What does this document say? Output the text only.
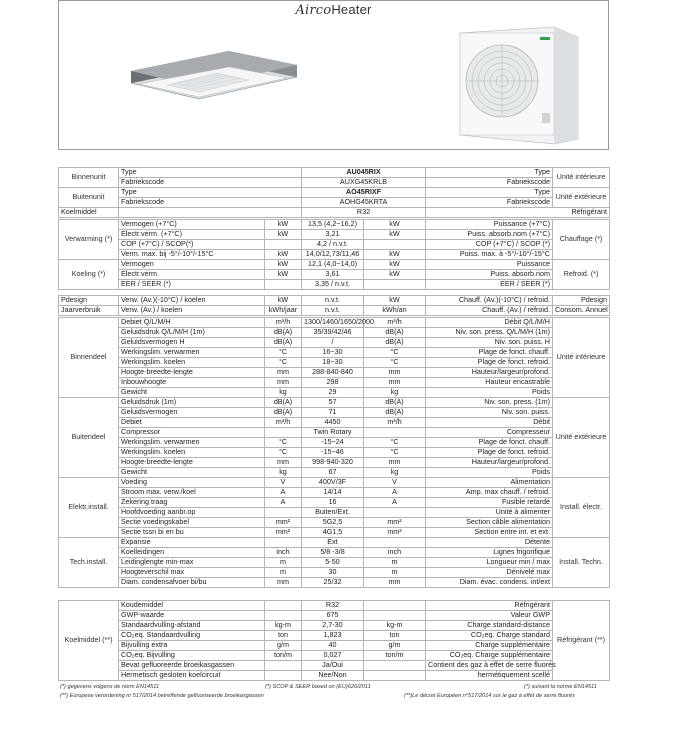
AircoHeater
Binnenunit	Type	AU045RIX	Type	Unité intérieure
	Fabriekscode	AUXG45KRLB	Fabriekscode	
Buitenunit	Type	AO45RIXF	Type	Unité extérieure
	Fabriekscode	AOHG45KRTA	Fabriekscode	
Koelmiddel		R32	Réfrigérant	
Verwarming (*)	Vermogen (+7°C)	kW	13,5 (4,2~16,2)	kW	Puissance (+7°C)	Chauffage (*)
	Electr.verm. (+7°C)	kW	3,21	kW	Puiss. absorb.nom (+7°C)	
	COP (+7°C) / SCOP(*)		4,2 / n.v.t.		COP (+7°C) / SCOP (*)	
	Verm. max. bij -5°/-10°/-15°C	kW	14,0/12,73/11,46	kW	Puiss. max. à -5°/-10°/-15°C	
Koeling (*)	Vermogen	kW	12,1 (4,0~14,0)	kW	Puissance	Refroid. (*)
	Electr.verm.	kW	3,61	kW	Puiss. absorb.nom	
	EER / SEER (*)		3,35 / n.v.t.		EER / SEER (*)	
Pdesign	Verw. (Av.)(-10°C) / koelen	kW	n.v.t.	kW	Chauff. (Av.)(-10°C) / refroid.	Pdesign
Jaarverbruik	Verw. (Av.) / koelen	kWh/jaar	n.v.t.	kWh/an	Chauff. (Av.) / refroid.	Consom. Annuel
Binnendeel	Debiet Q/L/M/H	m³/h	1300/1460/1650/2000	m³/h	Débit Q/L/M/H	Unité intérieure
	Geluidsdruk Q/L/M/H (1m)	dB(A)	35/39/42/46	dB(A)	Niv. son. press. Q/L/M/H (1m)	
	Geluidsvermogen H	dB(A)	/	dB(A)	Niv. son. puiss. H	
	Werkingslim. verwarmen	°C	16~30	°C	Plage de fonct. chauff.	
	Werkingslim. koelen	°C	18~30	°C	Plage de fonct. refroid.	
	Hoogte-breedte-lengte	mm	288-840-840	mm	Hauteur/largeur/profond.	
	Inbouwhoogte	mm	298	mm	Hauteur encastrable	
	Gewicht	kg	29	kg	Poids	
Buitendeel	Geluidsdruk (1m)	dB(A)	57	dB(A)	Niv. son. press. (1m)	Unité extérieure
	Geluidsvermogen	dB(A)	71	dB(A)	Niv. son. puiss.	
	Debiet	m³/h	4450	m³/h	Débit	
	Compressor		Twin Rotary		Compresseur	
	Werkingslim. verwarmen	°C	-15~24	°C	Plage de fonct. chauff.	
	Werkingslim. koelen	°C	-15~46	°C	Plage de fonct. refroid.	
	Hoogte-breedte-lengte	mm	998-940-320	mm	Hauteur/largeur/profond.	
	Gewicht	kg	67	kg	Poids	
Elektr.install.	Voeding	V	400V/3F	V	Alimentation	Install. électr.
	Stroom max. verw./koel	A	14/14	A	Amp. max chauff. / refroid.	
	Zekering traag	A	16	A	Fusible retardé	
	Hoofdvoeding aanbr.op		Buiten/Ext.		Unité à alimenter	
	Sectie voedingskabel	mm²	5G2,5	mm²	Section câble alimentation	
	Sectie tssn bi en bu	mm²	4G1,5	mm²	Section entre int. et ext.	
Tech.install.	Expansie		Ext		Détente	Install. Techn.
	Koelleidingen	inch	5/8 -3/8	inch	Lignes frigorifique	
	Leidinglengte min-max	m	5-50	m	Longueur min / max	
	Hoogteverschil max	m	30	m	Dénivelé max	
	Diam. condensafvoer bi/bu	mm	25/32	mm	Diam. évac. condens. int/ext	
Koelmiddel (**)	Koudemiddel		R32		Réfrigérant	Réfrigérant (**)
	GWP-waarde		675		Valeur GWP	
	Standaardvulling-afstand	kg-m	2,7-30	kg-m	Charge standard-distance	
	CO₂eq. Standaardvulling	ton	1,823	ton	CO₂eq. Charge standard	
	Bijvulling extra	g/m	40	g/m	Charge supplémentaire	
	CO₂eq. Bijvulling	ton/m	0,027	ton/m	CO₂eq. Charge supplémentaire	
	Bevat gefluoreerde broeikasgassen		Ja/Oui		Contient des gaz à effet de serre fluorés	
	Hermetisch gesloten koelcircuit		Nee/Non		hermétiquement scellé	
(*) gegevens volgens de norm EN14511	(*) SCOP & SEER based on (EU)626/2011	(*) suivant la norme EN14511
(**) Europese verordening nr 517/2014 betreffende gefluoriseerde broeikasgassen	(**)Le décret Européen n°517/2014 sur le gaz à effet de serre fluorés
